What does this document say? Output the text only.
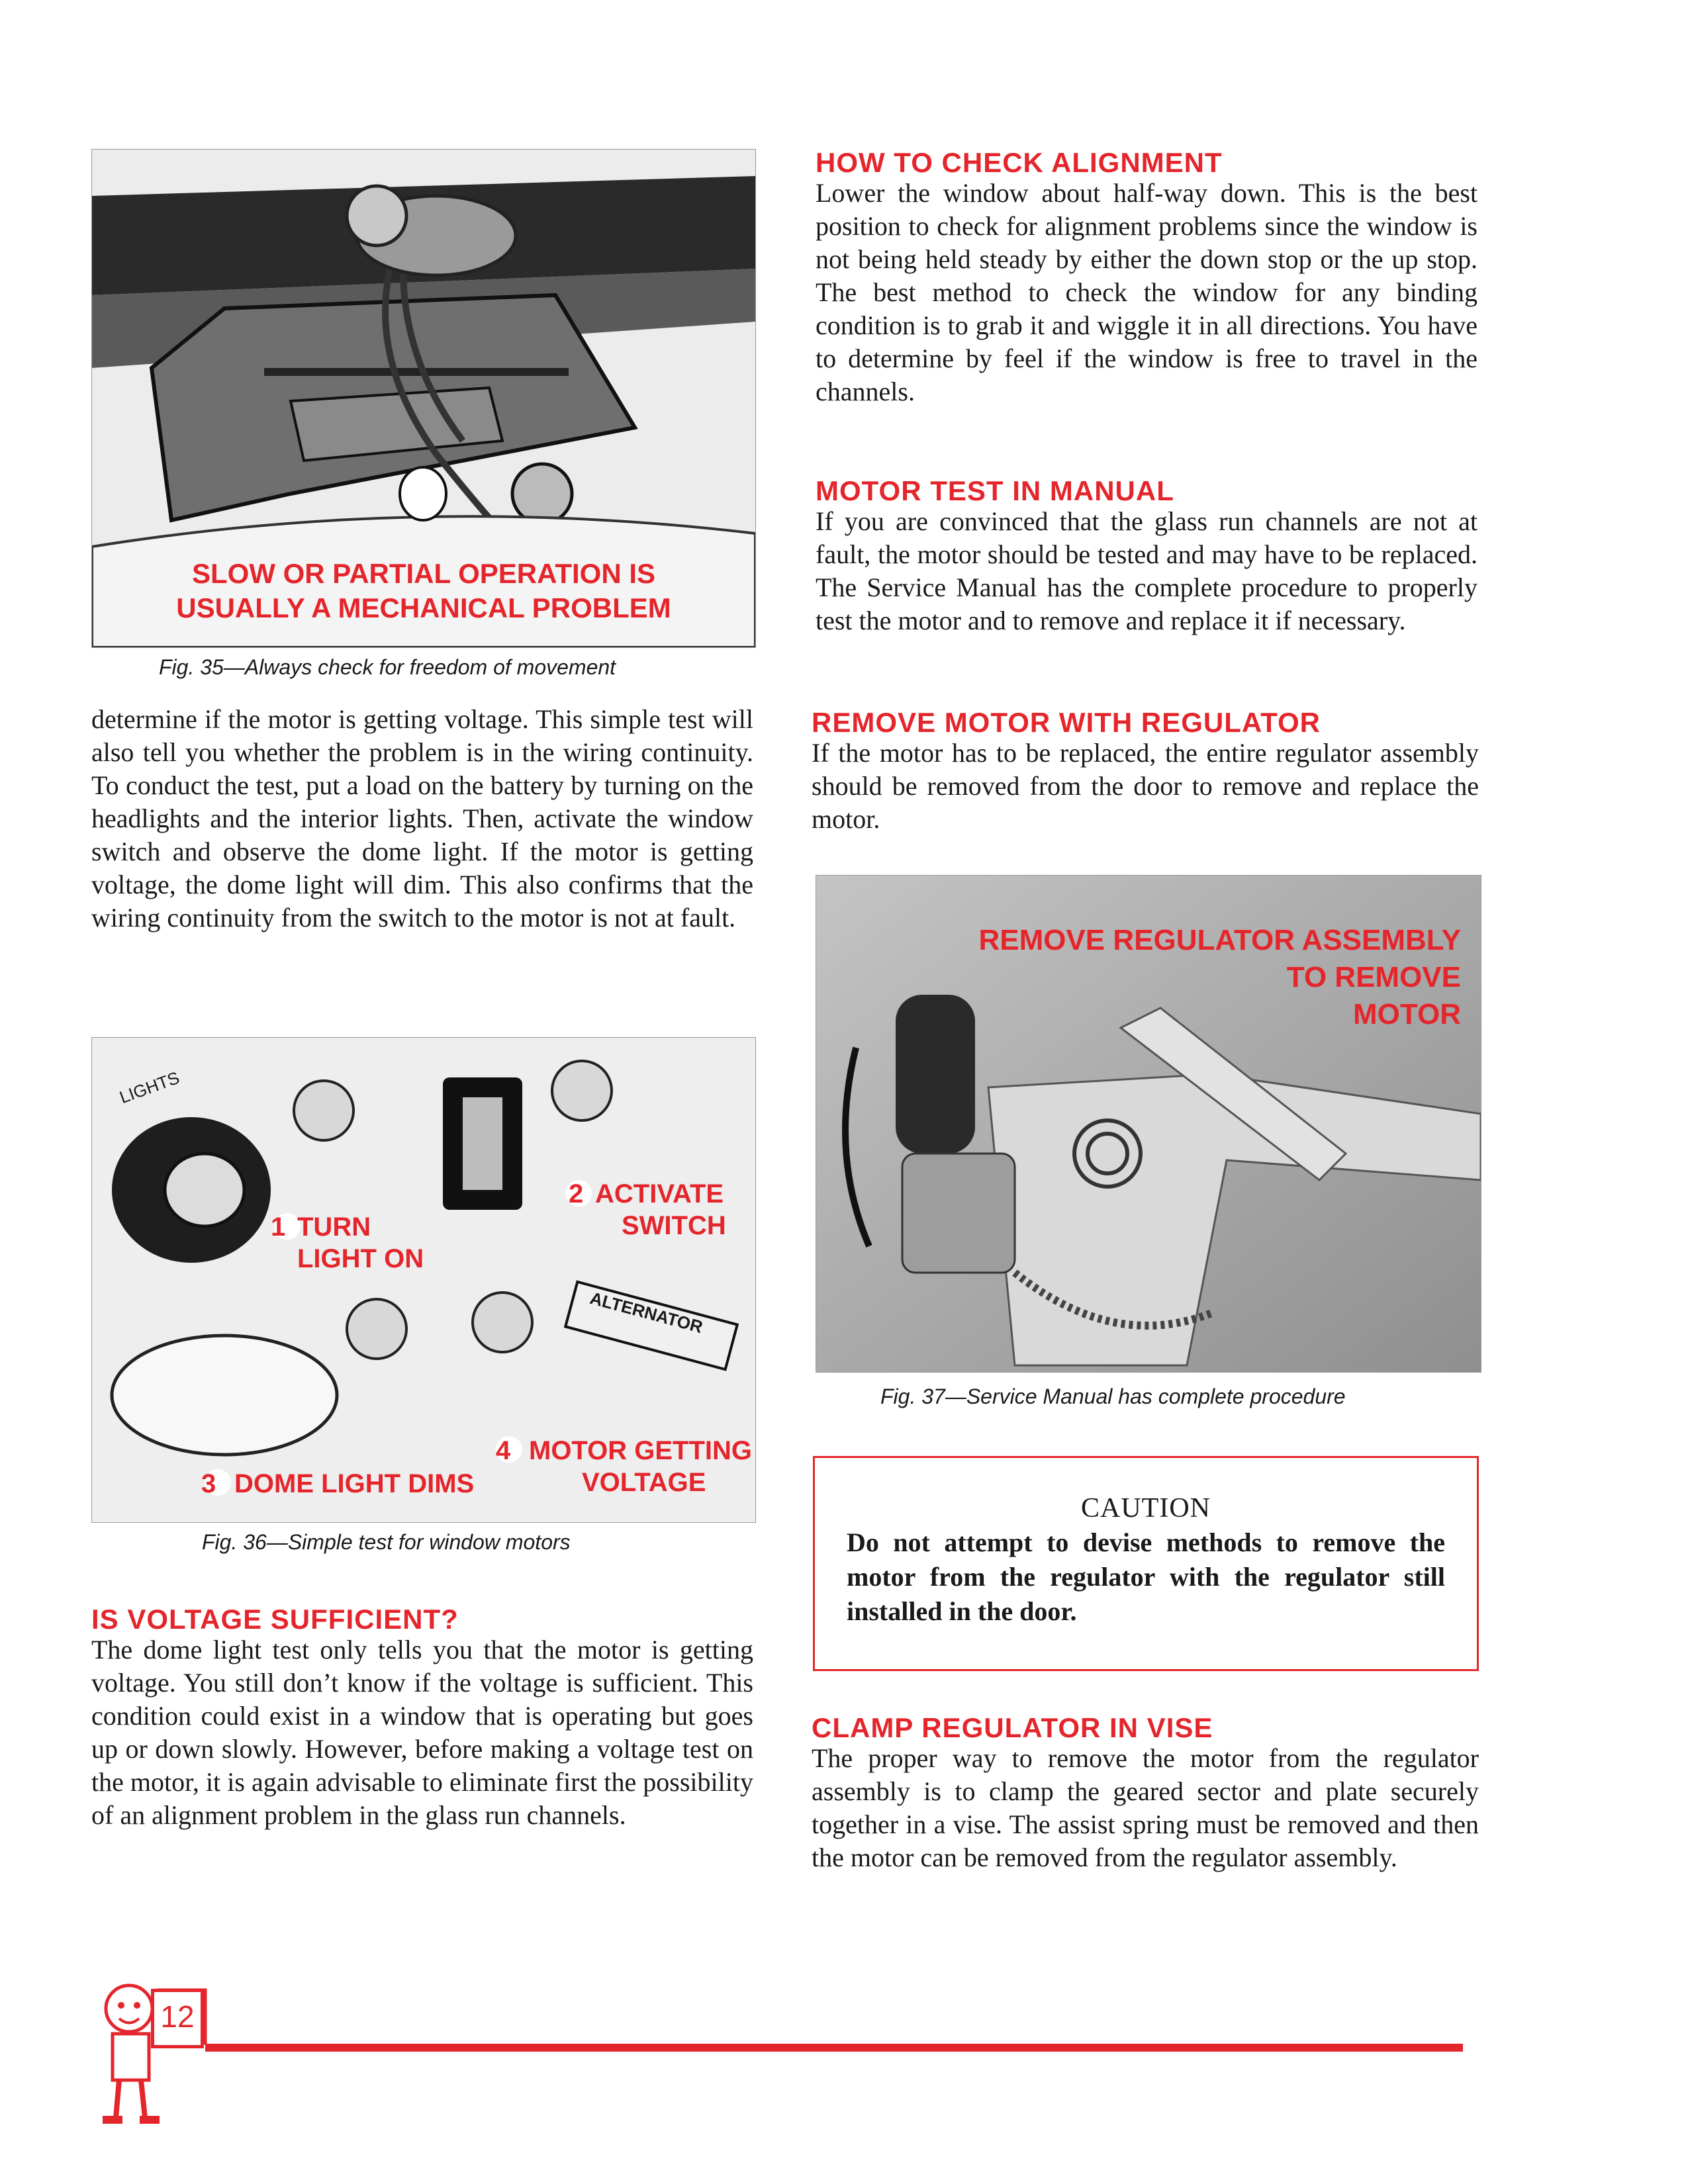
SLOW OR PARTIAL OPERATION IS
USUALLY A MECHANICAL PROBLEM
Fig. 35—Always check for freedom of movement
determine if the motor is getting voltage. This simple test will also tell you whether the problem is in the wiring continuity. To conduct the test, put a load on the battery by turning on the headlights and the interior lights. Then, activate the window switch and observe the dome light. If the motor is getting voltage, the dome light will dim. This also confirms that the wiring continuity from the switch to the motor is not at fault.
LIGHTS
ALTERNATOR
1 TURN
LIGHT ON
2 ACTIVATE
SWITCH
3 DOME LIGHT DIMS
4 MOTOR GETTING
VOLTAGE
Fig. 36—Simple test for window motors
IS VOLTAGE SUFFICIENT?
The dome light test only tells you that the motor is getting voltage. You still don’t know if the voltage is sufficient. This condition could exist in a window that is operating but goes up or down slowly. However, before making a voltage test on the motor, it is again advisable to eliminate first the possibility of an alignment problem in the glass run channels.
HOW TO CHECK ALIGNMENT
Lower the window about half-way down. This is the best position to check for alignment problems since the window is not being held steady by either the down stop or the up stop. The best method to check the window for any binding condition is to grab it and wiggle it in all directions. You have to determine by feel if the window is free to travel in the channels.
MOTOR TEST IN MANUAL
If you are convinced that the glass run channels are not at fault, the motor should be tested and may have to be replaced. The Service Manual has the complete procedure to properly test the motor and to remove and replace it if necessary.
REMOVE MOTOR WITH REGULATOR
If the motor has to be replaced, the entire regulator assembly should be removed from the door to remove and replace the motor.
REMOVE REGULATOR ASSEMBLY
TO REMOVE
MOTOR
Fig. 37—Service Manual has complete procedure
CAUTION
Do not attempt to devise methods to remove the motor from the regulator with the regulator still installed in the door.
CLAMP REGULATOR IN VISE
The proper way to remove the motor from the regulator assembly is to clamp the geared sector and plate securely together in a vise. The assist spring must be removed and then the motor can be removed from the regulator assembly.
12
